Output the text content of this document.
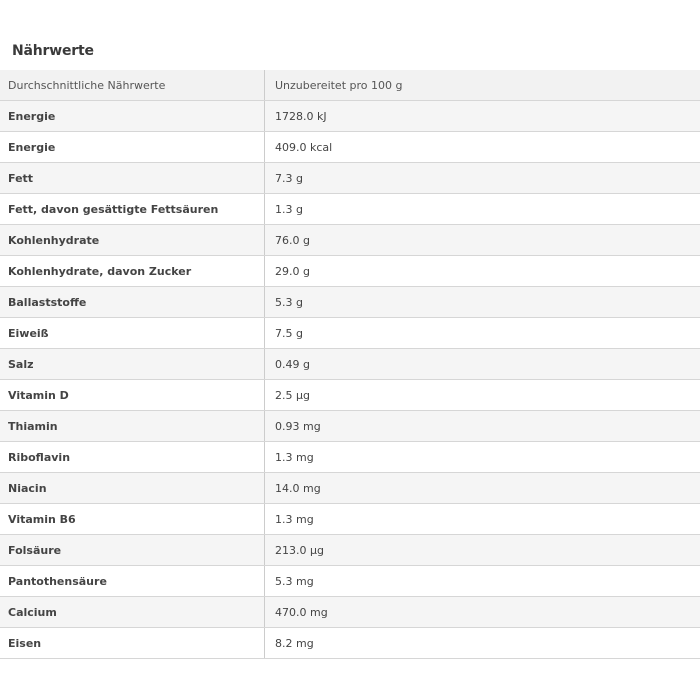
Nährwerte
Durchschnittliche Nährwerte	Unzubereitet pro 100 g
Energie	1728.0 kJ
Energie	409.0 kcal
Fett	7.3 g
Fett, davon gesättigte Fettsäuren	1.3 g
Kohlenhydrate	76.0 g
Kohlenhydrate, davon Zucker	29.0 g
Ballaststoffe	5.3 g
Eiweiß	7.5 g
Salz	0.49 g
Vitamin D	2.5 µg
Thiamin	0.93 mg
Riboflavin	1.3 mg
Niacin	14.0 mg
Vitamin B6	1.3 mg
Folsäure	213.0 µg
Pantothensäure	5.3 mg
Calcium	470.0 mg
Eisen	8.2 mg
